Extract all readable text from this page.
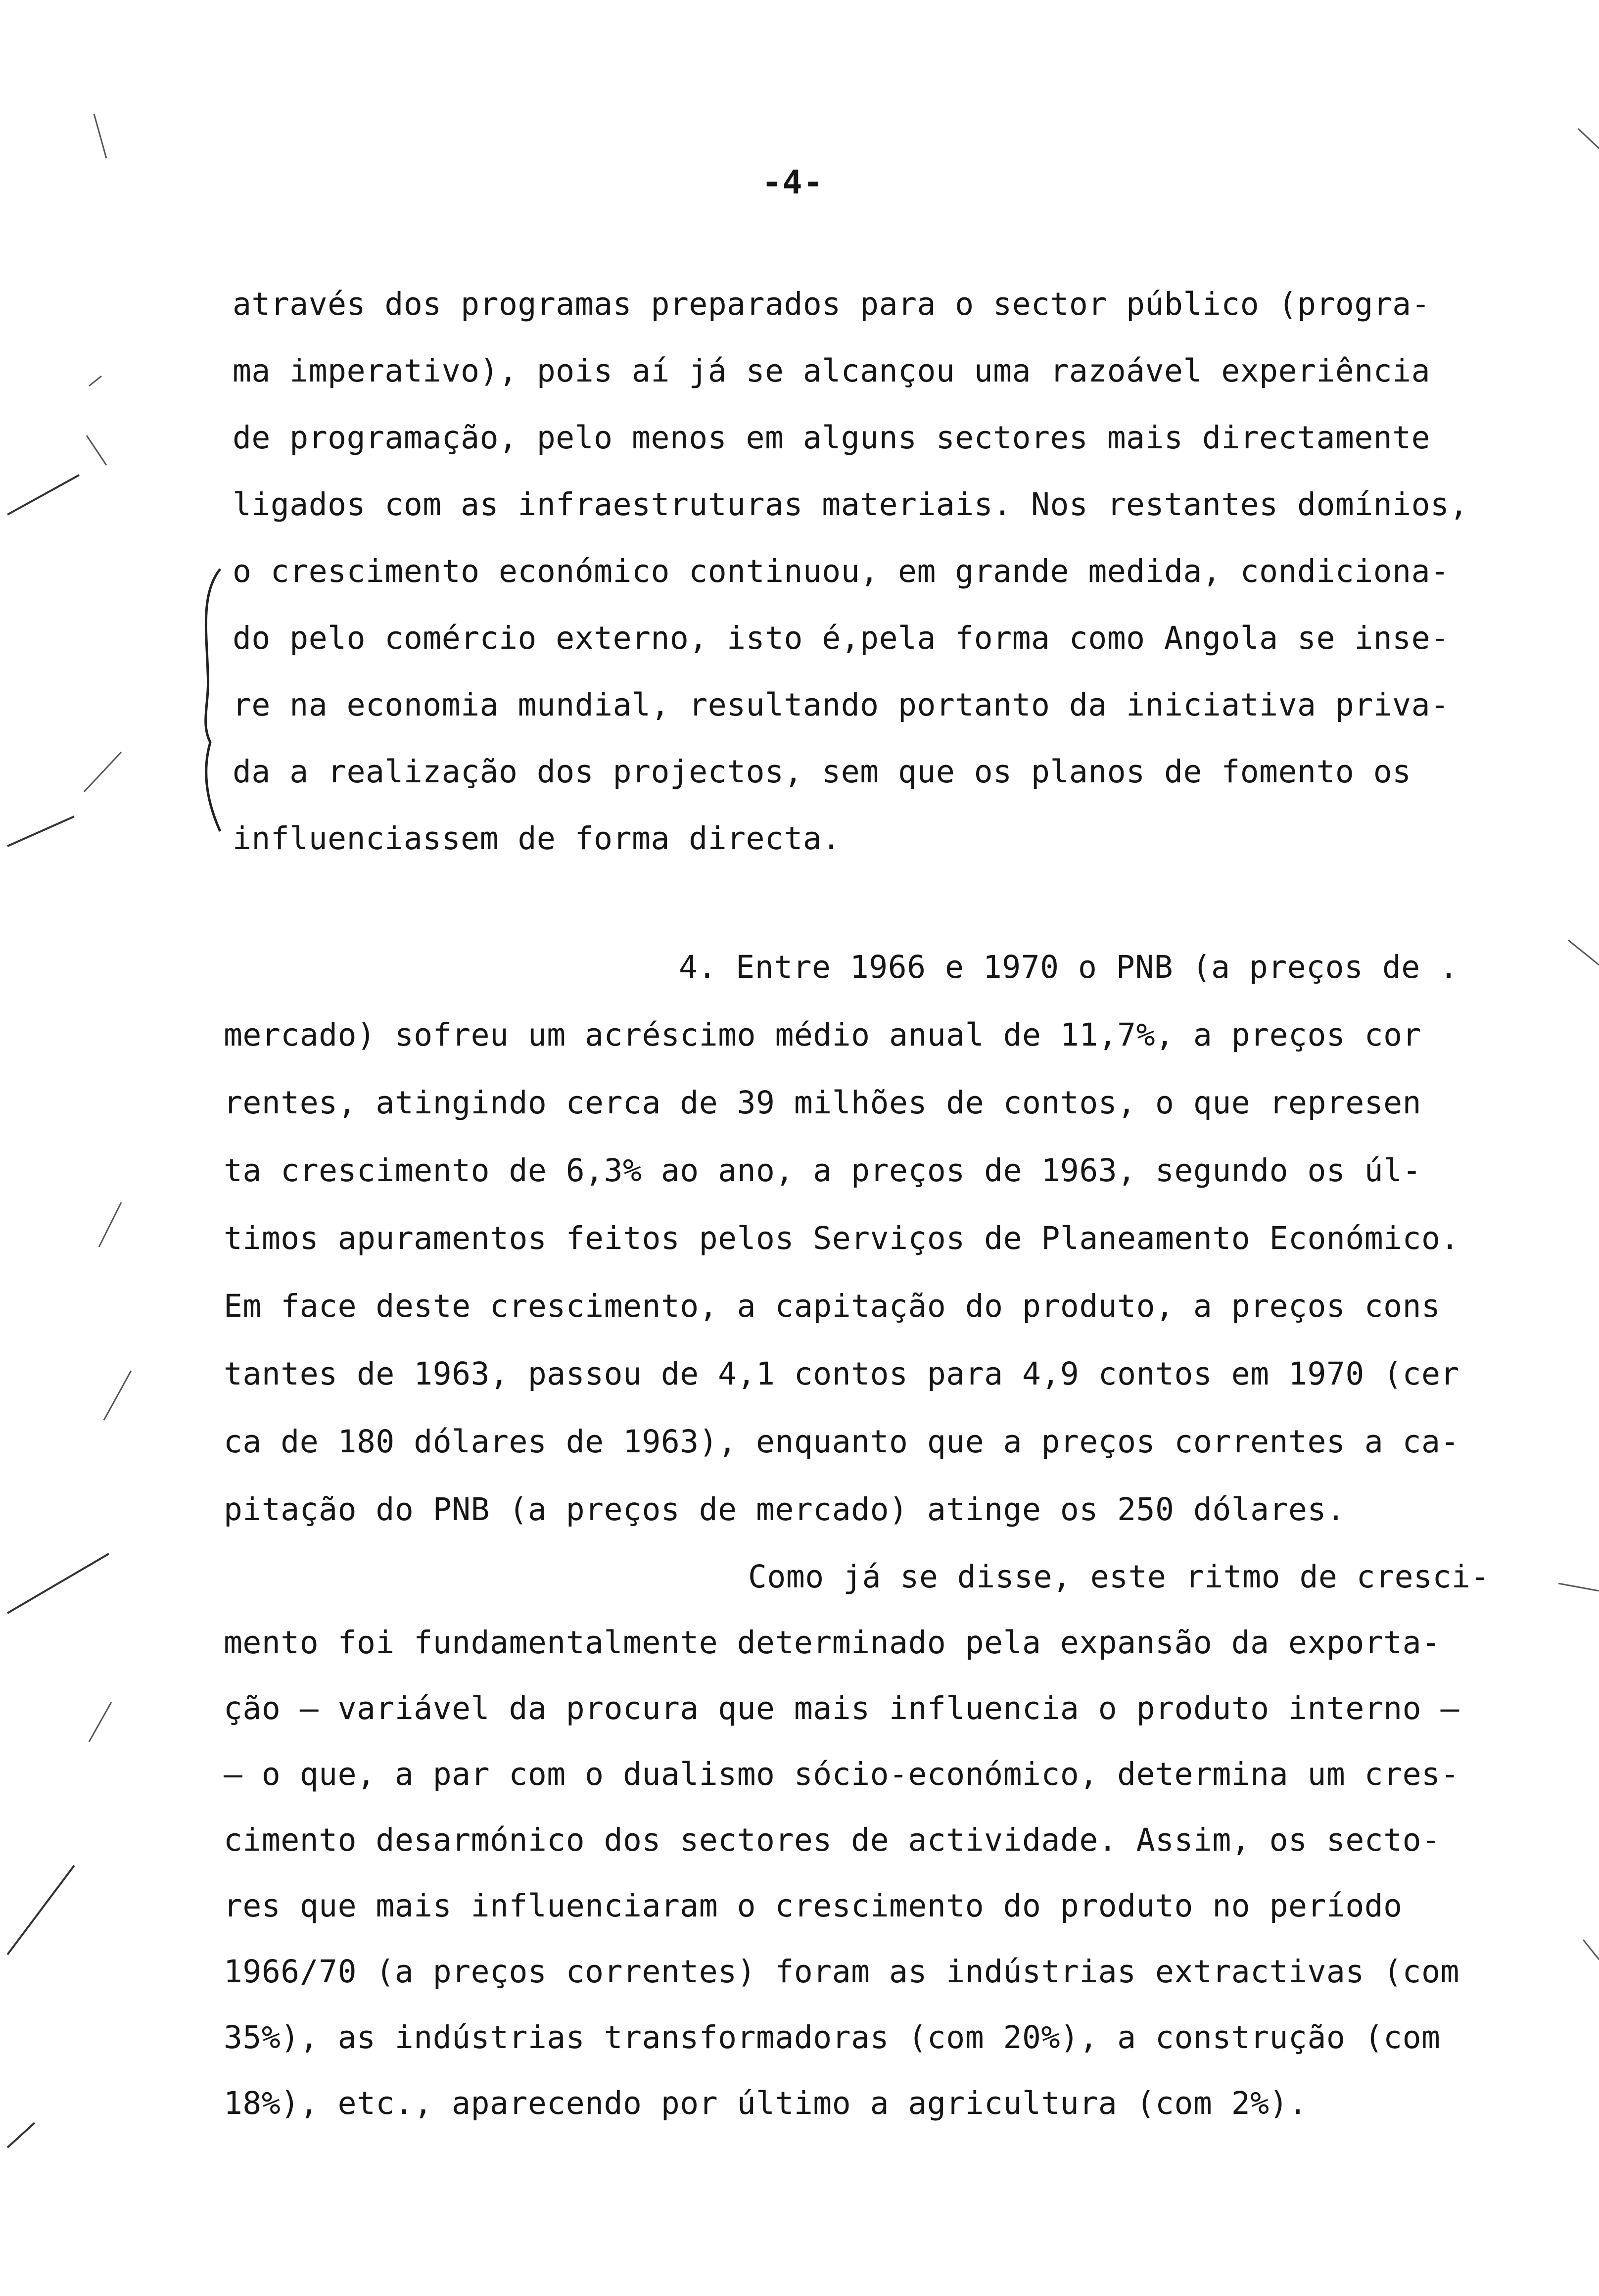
-4-
através dos programas preparados para o sector público (progra-
ma imperativo), pois aí já se alcançou uma razoável experiência
de programação, pelo menos em alguns sectores mais directamente
ligados com as infraestruturas materiais. Nos restantes domínios,
o crescimento económico continuou, em grande medida, condiciona-
do pelo comércio externo, isto é,pela forma como Angola se inse-
re na economia mundial, resultando portanto da iniciativa priva-
da a realização dos projectos, sem que os planos de fomento os
influenciassem de forma directa.
4. Entre 1966 e 1970 o PNB (a preços de .
mercado) sofreu um acréscimo médio anual de 11,7%, a preços cor
rentes, atingindo cerca de 39 milhões de contos, o que represen
ta crescimento de 6,3% ao ano, a preços de 1963, segundo os úl-
timos apuramentos feitos pelos Serviços de Planeamento Económico.
Em face deste crescimento, a capitação do produto, a preços cons
tantes de 1963, passou de 4,1 contos para 4,9 contos em 1970 (cer
ca de 180 dólares de 1963), enquanto que a preços correntes a ca-
pitação do PNB (a preços de mercado) atinge os 250 dólares.
Como já se disse, este ritmo de cresci-
mento foi fundamentalmente determinado pela expansão da exporta-
ção — variável da procura que mais influencia o produto interno —
— o que, a par com o dualismo sócio-económico, determina um cres-
cimento desarmónico dos sectores de actividade. Assim, os secto-
res que mais influenciaram o crescimento do produto no período
1966/70 (a preços correntes) foram as indústrias extractivas (com
35%), as indústrias transformadoras (com 20%), a construção (com
18%), etc., aparecendo por último a agricultura (com 2%).
